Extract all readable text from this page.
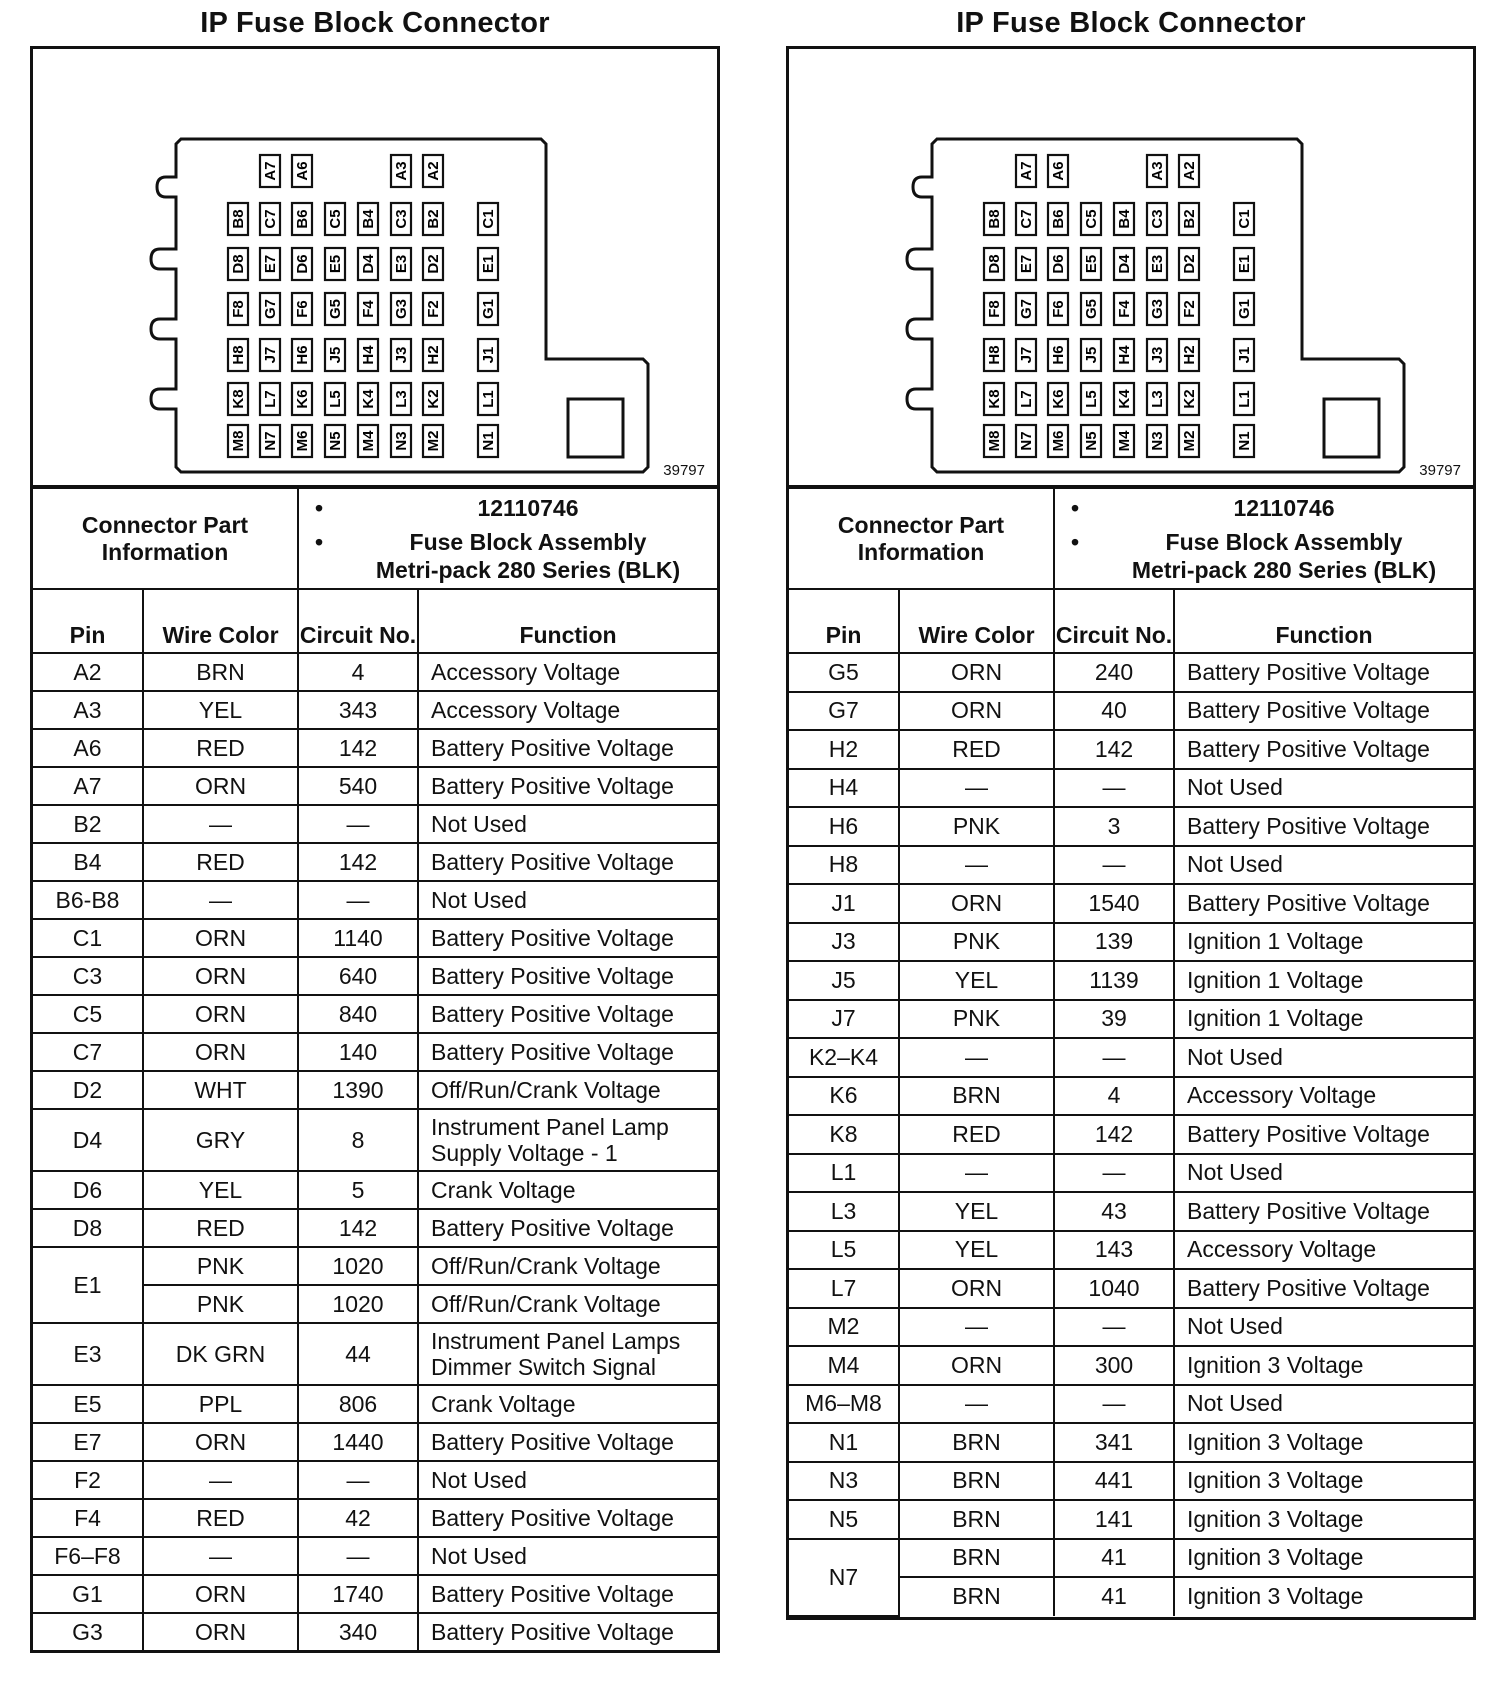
IP Fuse Block Connector
A7 A6	A3 A2
B8 C7 B6 C5 B4 C3 B2	C1
D8 E7 D6 E5 D4 E3 D2	E1
F8 G7 F6 G5 F4 G3 F2	G1
H8 J7 H6 J5 H4 J3 H2	J1
K8 L7 K6 L5 K4 L3 K2	L1
M8 N7 M6 N5 M4 N3 M2	N1
39797
Connector Part Information	
• 12110746
• Fuse Block Assembly
Metri-pack 280 Series (BLK)
Pin	Wire Color	Circuit No.	Function
A2	BRN	4	Accessory Voltage
A3	YEL	343	Accessory Voltage
A6	RED	142	Battery Positive Voltage
A7	ORN	540	Battery Positive Voltage
B2	—	—	Not Used
B4	RED	142	Battery Positive Voltage
B6-B8	—	—	Not Used
C1	ORN	1140	Battery Positive Voltage
C3	ORN	640	Battery Positive Voltage
C5	ORN	840	Battery Positive Voltage
C7	ORN	140	Battery Positive Voltage
D2	WHT	1390	Off/Run/Crank Voltage
D4	GRY	8	Instrument Panel Lamp Supply Voltage - 1
D6	YEL	5	Crank Voltage
D8	RED	142	Battery Positive Voltage
E1	PNK	1020	Off/Run/Crank Voltage
	PNK	1020	Off/Run/Crank Voltage
E3	DK GRN	44	Instrument Panel Lamps Dimmer Switch Signal
E5	PPL	806	Crank Voltage
E7	ORN	1440	Battery Positive Voltage
F2	—	—	Not Used
F4	RED	42	Battery Positive Voltage
F6–F8	—	—	Not Used
G1	ORN	1740	Battery Positive Voltage
G3	ORN	340	Battery Positive Voltage
IP Fuse Block Connector
A7 A6	A3 A2
B8 C7 B6 C5 B4 C3 B2	C1
D8 E7 D6 E5 D4 E3 D2	E1
F8 G7 F6 G5 F4 G3 F2	G1
H8 J7 H6 J5 H4 J3 H2	J1
K8 L7 K6 L5 K4 L3 K2	L1
M8 N7 M6 N5 M4 N3 M2	N1
39797
Connector Part Information	
• 12110746
• Fuse Block Assembly
Metri-pack 280 Series (BLK)
Pin	Wire Color	Circuit No.	Function
G5	ORN	240	Battery Positive Voltage
G7	ORN	40	Battery Positive Voltage
H2	RED	142	Battery Positive Voltage
H4	—	—	Not Used
H6	PNK	3	Battery Positive Voltage
H8	—	—	Not Used
J1	ORN	1540	Battery Positive Voltage
J3	PNK	139	Ignition 1 Voltage
J5	YEL	1139	Ignition 1 Voltage
J7	PNK	39	Ignition 1 Voltage
K2–K4	—	—	Not Used
K6	BRN	4	Accessory Voltage
K8	RED	142	Battery Positive Voltage
L1	—	—	Not Used
L3	YEL	43	Battery Positive Voltage
L5	YEL	143	Accessory Voltage
L7	ORN	1040	Battery Positive Voltage
M2	—	—	Not Used
M4	ORN	300	Ignition 3 Voltage
M6–M8	—	—	Not Used
N1	BRN	341	Ignition 3 Voltage
N3	BRN	441	Ignition 3 Voltage
N5	BRN	141	Ignition 3 Voltage
N7	BRN	41	Ignition 3 Voltage
	BRN	41	Ignition 3 Voltage
